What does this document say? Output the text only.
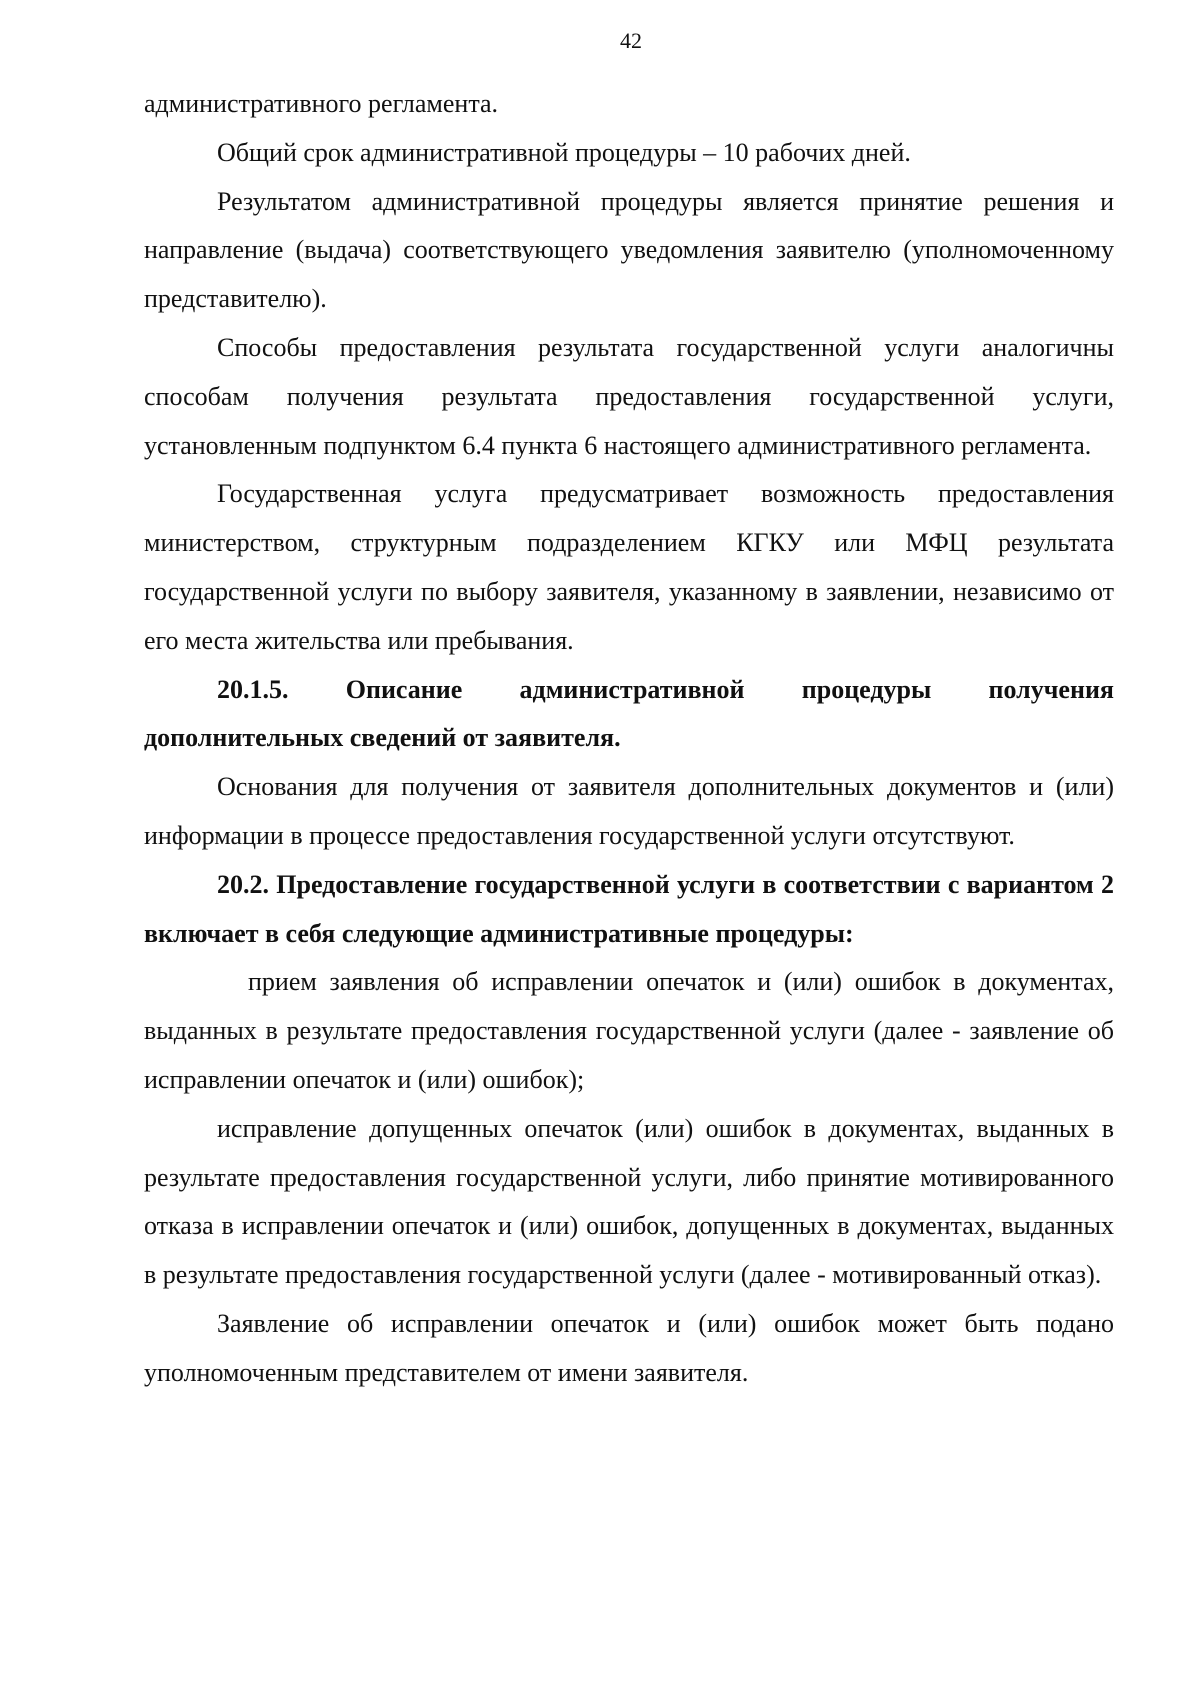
42

административного регламента.

Общий срок административной процедуры – 10 рабочих дней.

Результатом административной процедуры является принятие решения и направление (выдача) соответствующего уведомления заявителю (уполномоченному представителю).

Способы предоставления результата государственной услуги аналогичны способам получения результата предоставления государственной услуги, установленным подпунктом 6.4 пункта 6 настоящего административного регламента.

Государственная услуга предусматривает возможность предоставления министерством, структурным подразделением КГКУ или МФЦ результата государственной услуги по выбору заявителя, указанному в заявлении, независимо от его места жительства или пребывания.

20.1.5. Описание административной процедуры получения дополнительных сведений от заявителя.

Основания для получения от заявителя дополнительных документов и (или) информации в процессе предоставления государственной услуги отсутствуют.

20.2. Предоставление государственной услуги в соответствии с вариантом 2 включает в себя следующие административные процедуры:

прием заявления об исправлении опечаток и (или) ошибок в документах, выданных в результате предоставления государственной услуги (далее - заявление об исправлении опечаток и (или) ошибок);

исправление допущенных опечаток (или) ошибок в документах, выданных в результате предоставления государственной услуги, либо принятие мотивированного отказа в исправлении опечаток и (или) ошибок, допущенных в документах, выданных в результате предоставления государственной услуги (далее - мотивированный отказ).

Заявление об исправлении опечаток и (или) ошибок может быть подано уполномоченным представителем от имени заявителя.
